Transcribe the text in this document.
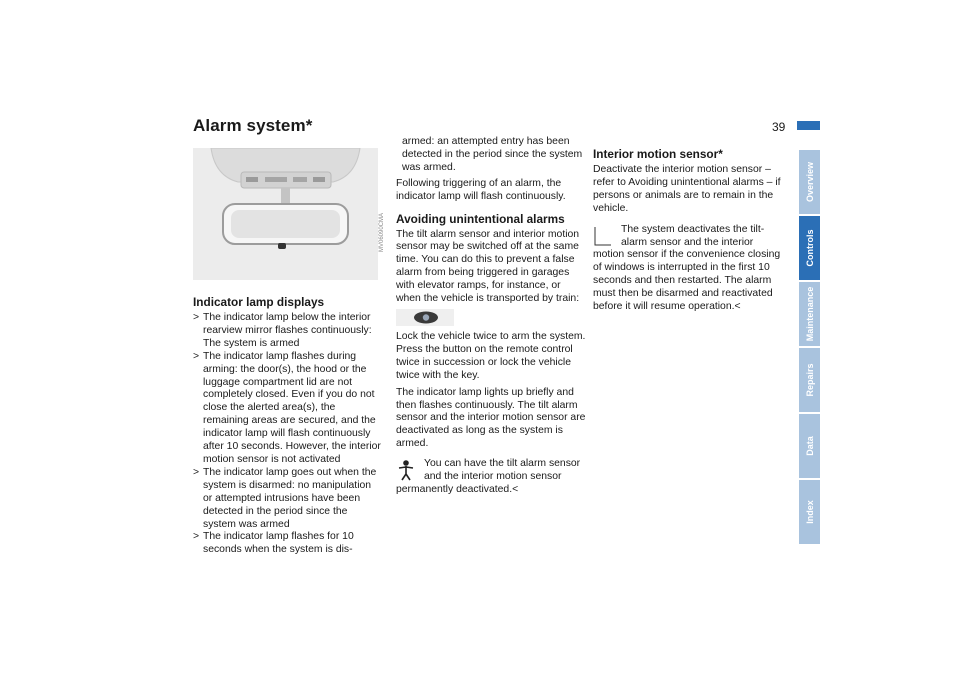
Alarm system*	39
Overview
Controls
Maintenance
Repairs
Data
Index
MV06090CMA
Indicator lamp displays
> The indicator lamp below the interior rearview mirror flashes continuously: The system is armed
> The indicator lamp flashes during arming: the door(s), the hood or the luggage compartment lid are not completely closed. Even if you do not close the alerted area(s), the remaining areas are secured, and the indicator lamp will flash continuously after 10 seconds. However, the interior motion sensor is not activated
> The indicator lamp goes out when the system is disarmed: no manipulation or attempted intrusions have been detected in the period since the system was armed
> The indicator lamp flashes for 10 seconds when the system is dis-

armed: an attempted entry has been detected in the period since the system was armed.

Following triggering of an alarm, the indicator lamp will flash continuously.

Avoiding unintentional alarms

The tilt alarm sensor and interior motion sensor may be switched off at the same time. You can do this to prevent a false alarm from being triggered in garages with elevator ramps, for instance, or when the vehicle is transported by train:

Lock the vehicle twice to arm the system. Press the button on the remote control twice in succession or lock the vehicle twice with the key.

The indicator lamp lights up briefly and then flashes continuously. The tilt alarm sensor and the interior motion sensor are deactivated as long as the system is armed.

You can have the tilt alarm sensor and the interior motion sensor permanently deactivated.<

Interior motion sensor*

Deactivate the interior motion sensor – refer to Avoiding unintentional alarms – if persons or animals are to remain in the vehicle.

The system deactivates the tilt-alarm sensor and the interior motion sensor if the convenience closing of windows is interrupted in the first 10 seconds and then restarted. The alarm must then be disarmed and reactivated before it will resume operation.<
